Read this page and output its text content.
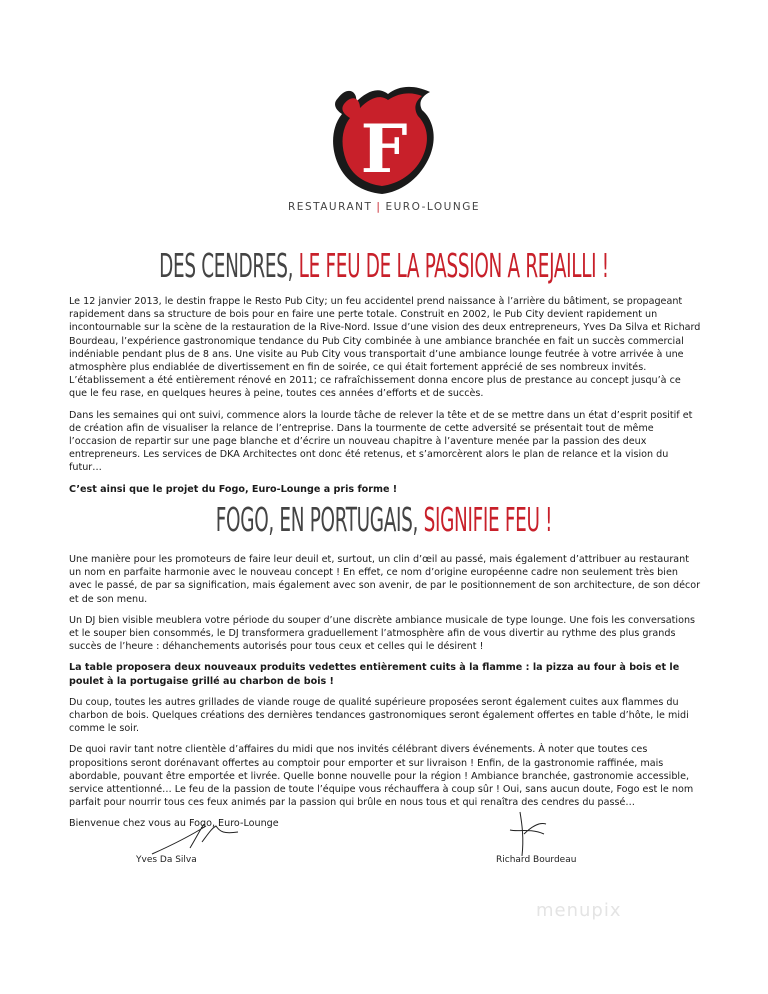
F
RESTAURANT | EURO-LOUNGE
DES CENDRES, LE FEU DE LA PASSION A REJAILLI !

Le 12 janvier 2013, le destin frappe le Resto Pub City; un feu accidentel prend naissance à l’arrière du bâtiment, se propageant rapidement dans sa structure de bois pour en faire une perte totale. Construit en 2002, le Pub City devient rapidement un incontournable sur la scène de la restauration de la Rive-Nord. Issue d’une vision des deux entrepreneurs, Yves Da Silva et Richard Bourdeau, l’expérience gastronomique tendance du Pub City combinée à une ambiance branchée en fait un succès commercial indéniable pendant plus de 8 ans. Une visite au Pub City vous transportait d’une ambiance lounge feutrée à votre arrivée à une atmosphère plus endiablée de divertissement en fin de soirée, ce qui était fortement apprécié de ses nombreux invités. L’établissement a été entièrement rénové en 2011; ce rafraîchissement donna encore plus de prestance au concept jusqu’à ce que le feu rase, en quelques heures à peine, toutes ces années d’efforts et de succès.

Dans les semaines qui ont suivi, commence alors la lourde tâche de relever la tête et de se mettre dans un état d’esprit positif et de création afin de visualiser la relance de l’entreprise. Dans la tourmente de cette adversité se présentait tout de même l’occasion de repartir sur une page blanche et d’écrire un nouveau chapitre à l’aventure menée par la passion des deux entrepreneurs. Les services de DKA Architectes ont donc été retenus, et s’amorcèrent alors le plan de relance et la vision du futur…

C’est ainsi que le projet du Fogo, Euro-Lounge a pris forme !

FOGO, EN PORTUGAIS, SIGNIFIE FEU !

Une manière pour les promoteurs de faire leur deuil et, surtout, un clin d’œil au passé, mais également d’attribuer au restaurant un nom en parfaite harmonie avec le nouveau concept ! En effet, ce nom d’origine européenne cadre non seulement très bien avec le passé, de par sa signification, mais également avec son avenir, de par le positionnement de son architecture, de son décor et de son menu.

Un DJ bien visible meublera votre période du souper d’une discrète ambiance musicale de type lounge. Une fois les conversations et le souper bien consommés, le DJ transformera graduellement l’atmosphère afin de vous divertir au rythme des plus grands succès de l’heure : déhanchements autorisés pour tous ceux et celles qui le désirent !

La table proposera deux nouveaux produits vedettes entièrement cuits à la flamme : la pizza au four à bois et le poulet à la portugaise grillé au charbon de bois !

Du coup, toutes les autres grillades de viande rouge de qualité supérieure proposées seront également cuites aux flammes du charbon de bois. Quelques créations des dernières tendances gastronomiques seront également offertes en table d’hôte, le midi comme le soir.

De quoi ravir tant notre clientèle d’affaires du midi que nos invités célébrant divers événements. À noter que toutes ces propositions seront dorénavant offertes au comptoir pour emporter et sur livraison ! Enfin, de la gastronomie raffinée, mais abordable, pouvant être emportée et livrée. Quelle bonne nouvelle pour la région ! Ambiance branchée, gastronomie accessible, service attentionné… Le feu de la passion de toute l’équipe vous réchauffera à coup sûr ! Oui, sans aucun doute, Fogo est le nom parfait pour nourrir tous ces feux animés par la passion qui brûle en nous tous et qui renaîtra des cendres du passé…

Bienvenue chez vous au Fogo, Euro-Lounge

Yves Da Silva	Richard Bourdeau
menupix
